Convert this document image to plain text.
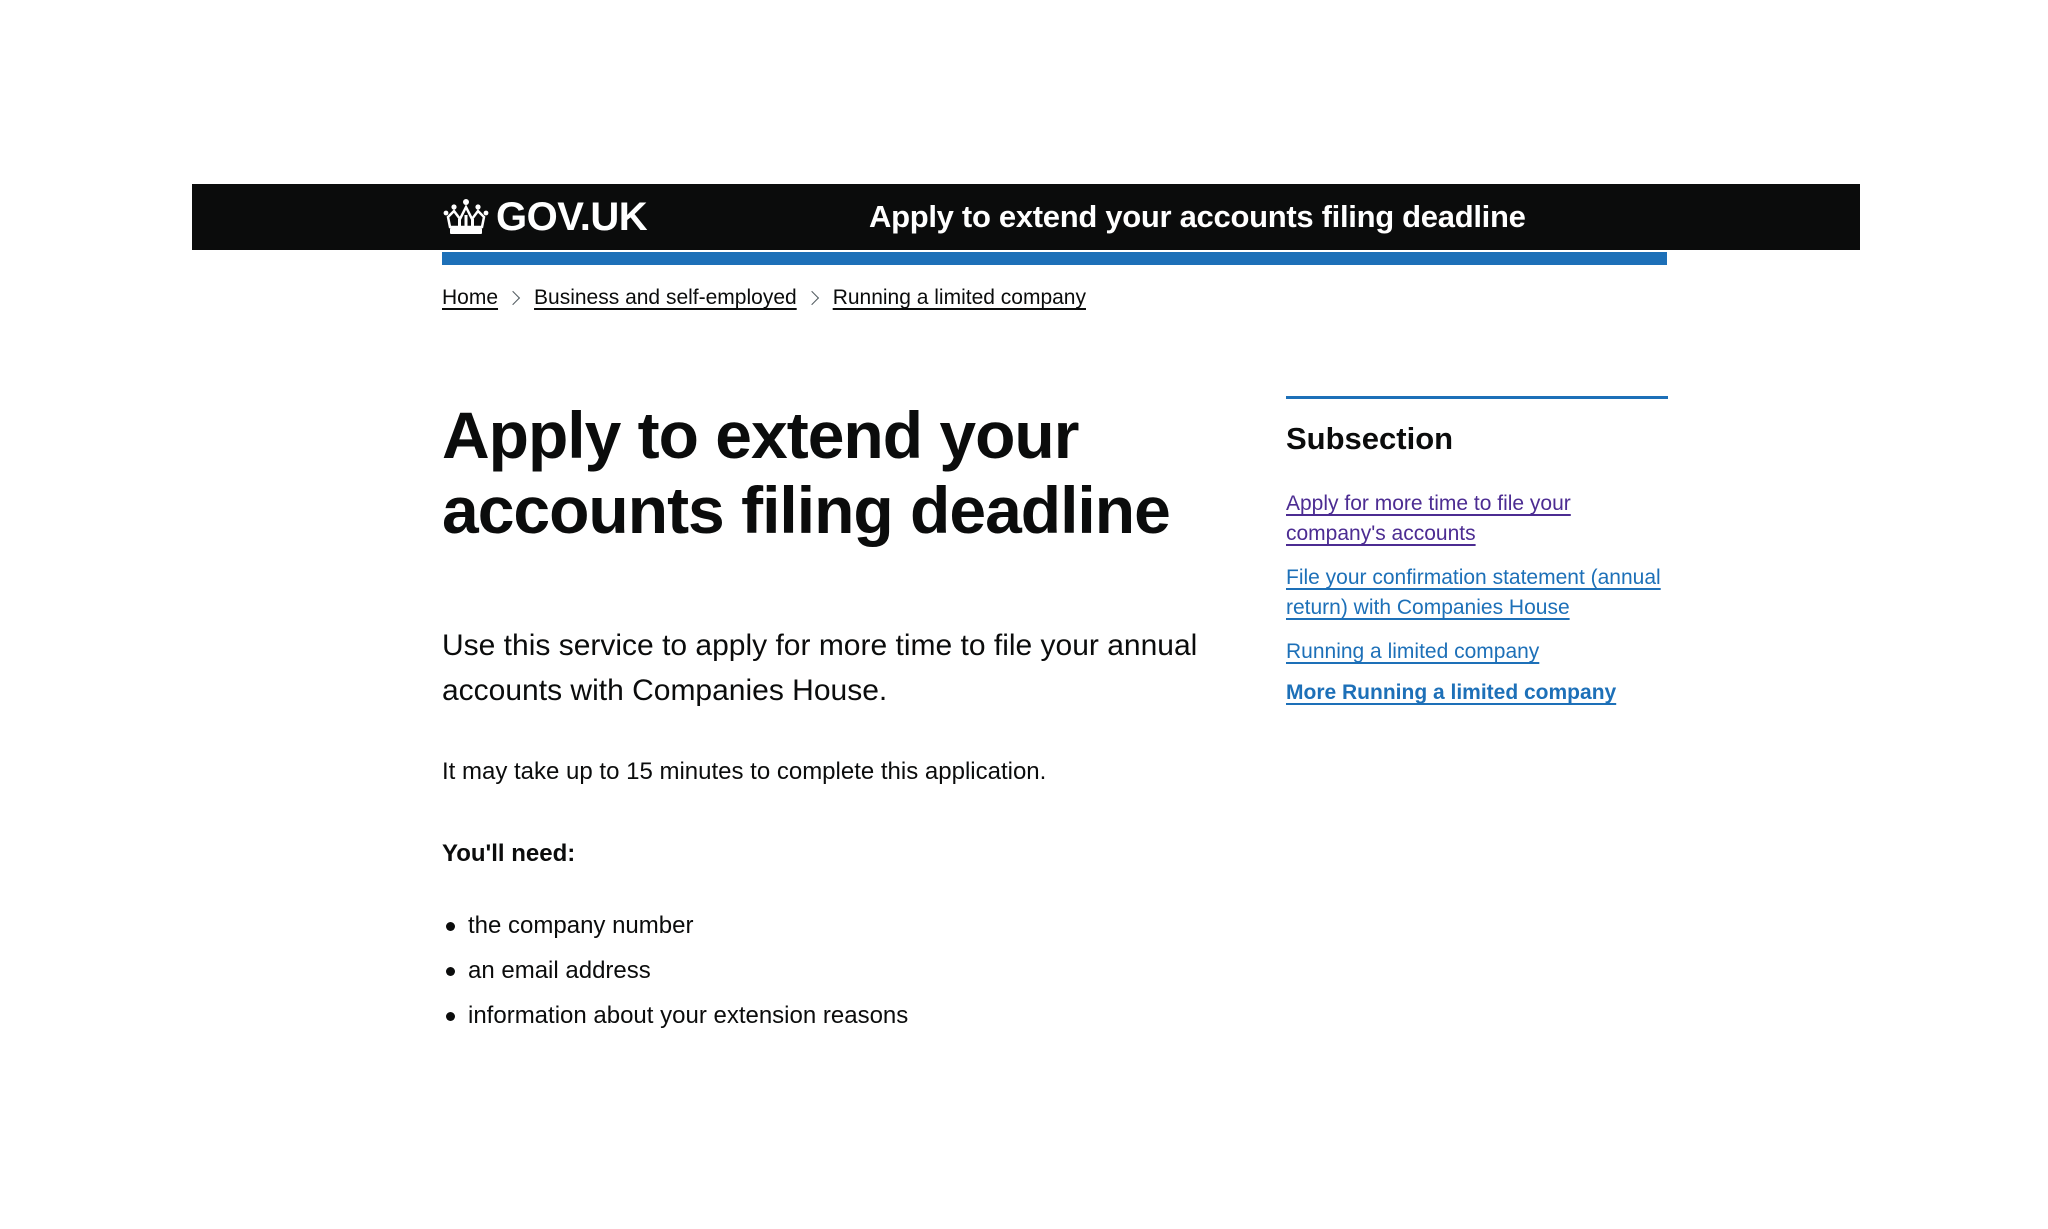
GOV.UK	Apply to extend your accounts filing deadline
Home Business and self-employed Running a limited company
Apply to extend your accounts filing deadline

Use this service to apply for more time to file your annual accounts with Companies House.

It may take up to 15 minutes to complete this application.

You'll need:

the company number
an email address
information about your extension reasons
Subsection
Apply for more time to file your company's accounts
File your confirmation statement (annual return) with Companies House
Running a limited company
More Running a limited company
